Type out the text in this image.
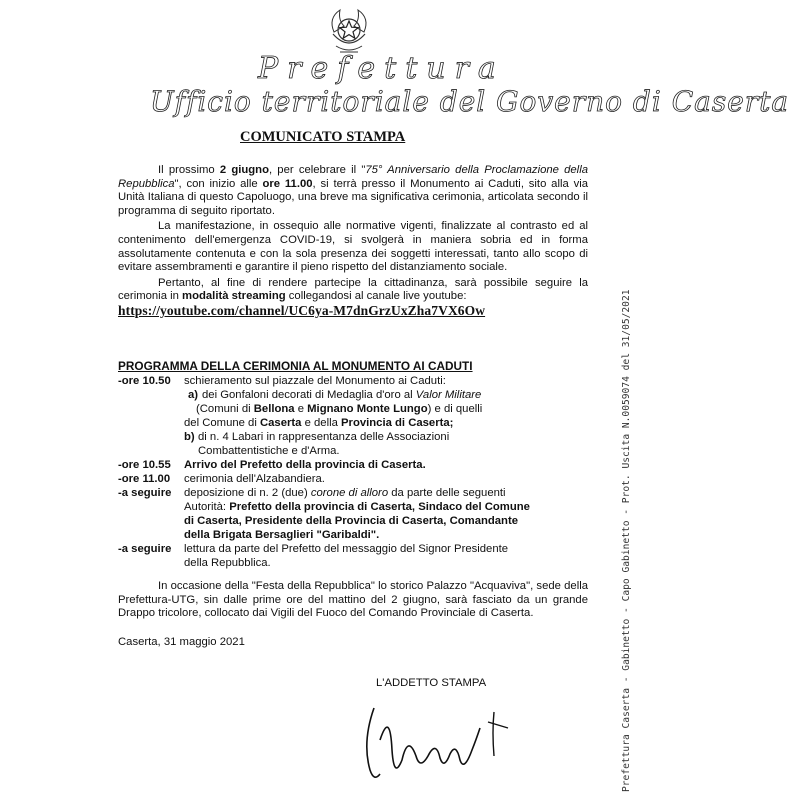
Prefettura
Ufficio territoriale del Governo di Caserta
COMUNICATO STAMPA

Il prossimo 2 giugno, per celebrare il "75° Anniversario della Proclamazione della Repubblica", con inizio alle ore 11.00, si terrà presso il Monumento ai Caduti, sito alla via Unità Italiana di questo Capoluogo, una breve ma significativa cerimonia, articolata secondo il programma di seguito riportato.

La manifestazione, in ossequio alle normative vigenti, finalizzate al contrasto ed al contenimento dell'emergenza COVID-19, si svolgerà in maniera sobria ed in forma assolutamente contenuta e con la sola presenza dei soggetti interessati, tanto allo scopo di evitare assembramenti e garantire il pieno rispetto del distanziamento sociale.

Pertanto, al fine di rendere partecipe la cittadinanza, sarà possibile seguire la cerimonia in modalità streaming collegandosi al canale live youtube:

https://youtube.com/channel/UC6ya-M7dnGrzUxZha7VX6Ow
PROGRAMMA DELLA CERIMONIA AL MONUMENTO AI CADUTI
-ore 10.50 schieramento sul piazzale del Monumento ai Caduti:
a) dei Gonfaloni decorati di Medaglia d'oro al Valor Militare
(Comuni di Bellona e Mignano Monte Lungo) e di quelli
del Comune di Caserta e della Provincia di Caserta;
b) di n. 4 Labari in rappresentanza delle Associazioni
Combattentistiche e d'Arma.
-ore 10.55 Arrivo del Prefetto della provincia di Caserta.
-ore 11.00 cerimonia dell'Alzabandiera.
-a seguire deposizione di n. 2 (due) corone di alloro da parte delle seguenti
Autorità: Prefetto della provincia di Caserta, Sindaco del Comune
di Caserta, Presidente della Provincia di Caserta, Comandante
della Brigata Bersaglieri "Garibaldi".
-a seguire lettura da parte del Prefetto del messaggio del Signor Presidente
della Repubblica.

In occasione della "Festa della Repubblica" lo storico Palazzo "Acquaviva", sede della Prefettura-UTG, sin dalle prime ore del mattino del 2 giugno, sarà fasciato da un grande Drappo tricolore, collocato dai Vigili del Fuoco del Comando Provinciale di Caserta.

Caserta, 31 maggio 2021
L'ADDETTO STAMPA	Prefettura Caserta - Gabinetto - Capo Gabinetto - Prot. Uscita N.0059074 del 31/05/2021
